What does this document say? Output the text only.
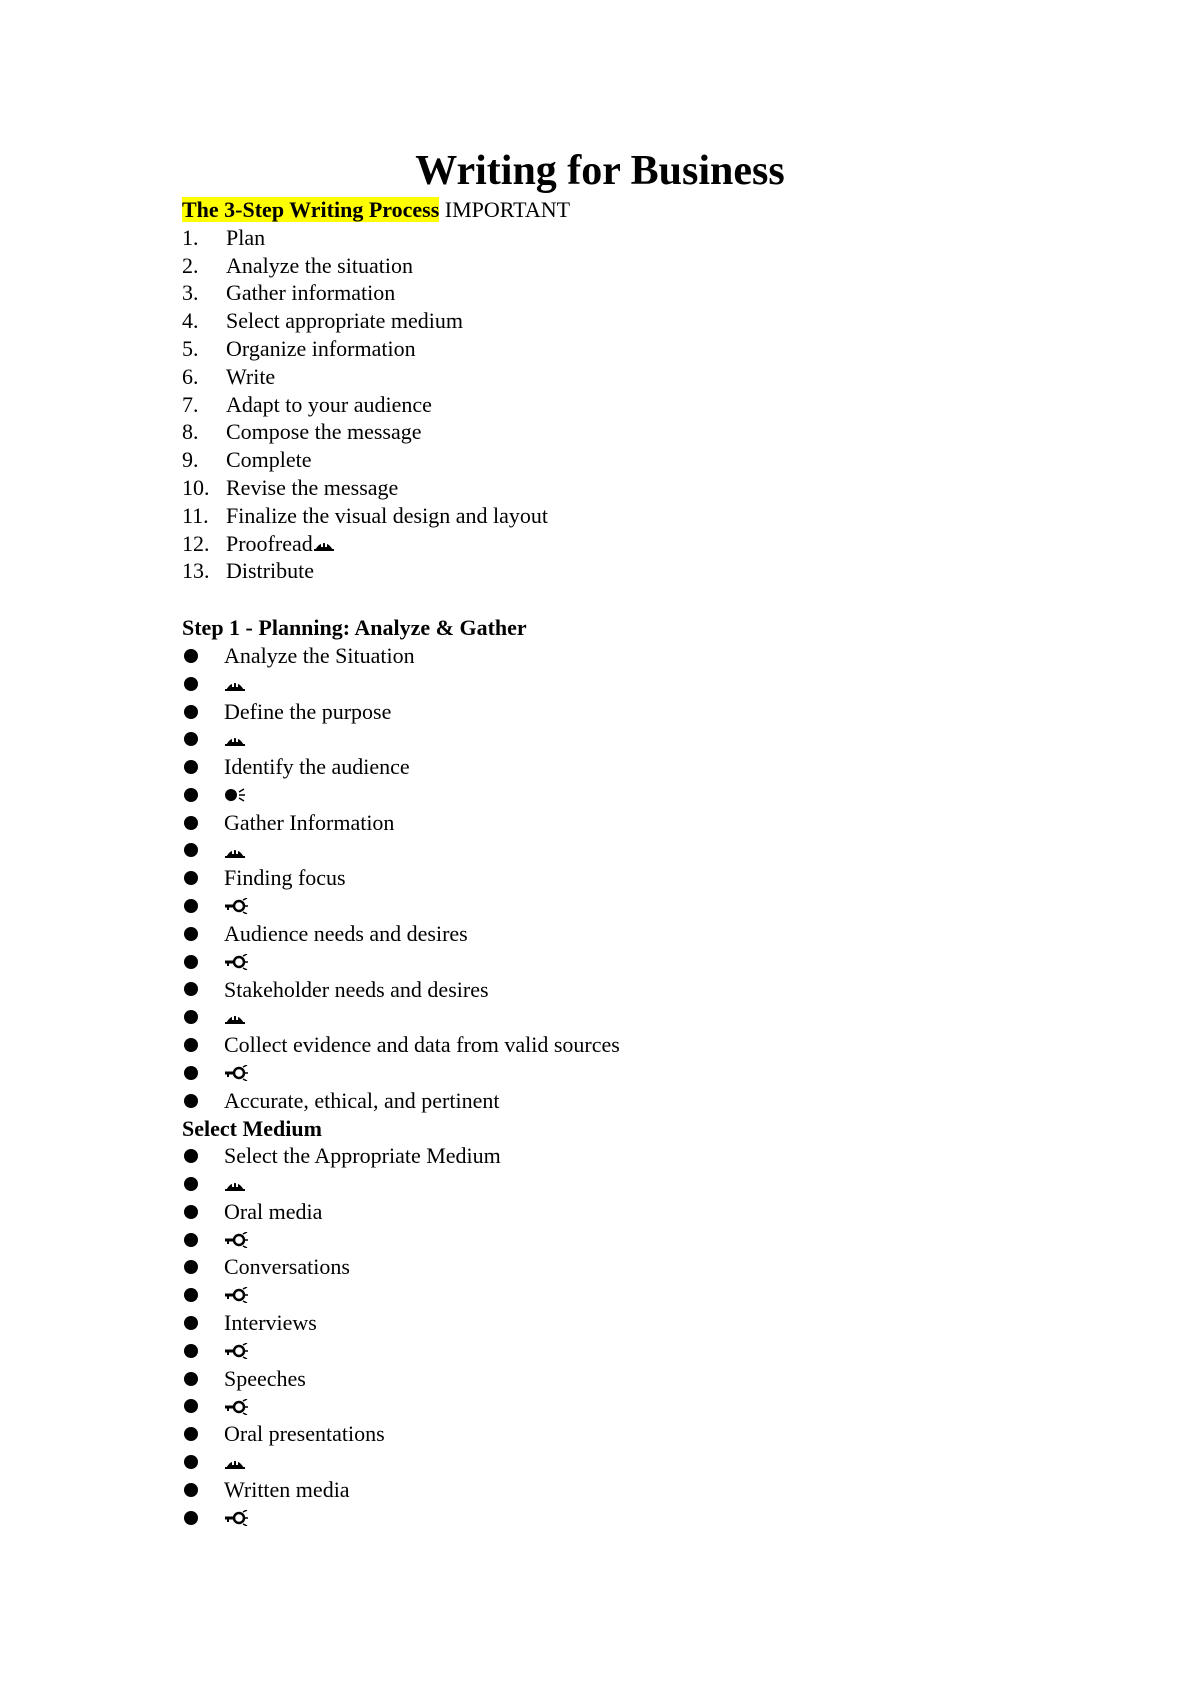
Writing for Business
The 3-Step Writing Process IMPORTANT
1. Plan
2. Analyze the situation
3. Gather information
4. Select appropriate medium
5. Organize information
6. Write
7. Adapt to your audience
8. Compose the message
9. Complete
10. Revise the message
11. Finalize the visual design and layout
12. Proofread
13. Distribute
Step 1 - Planning: Analyze & Gather
Analyze the Situation
Define the purpose
Identify the audience
Gather Information
Finding focus
Audience needs and desires
Stakeholder needs and desires
Collect evidence and data from valid sources
Accurate, ethical, and pertinent
Select Medium
Select the Appropriate Medium
Oral media
Conversations
Interviews
Speeches
Oral presentations
Written media
